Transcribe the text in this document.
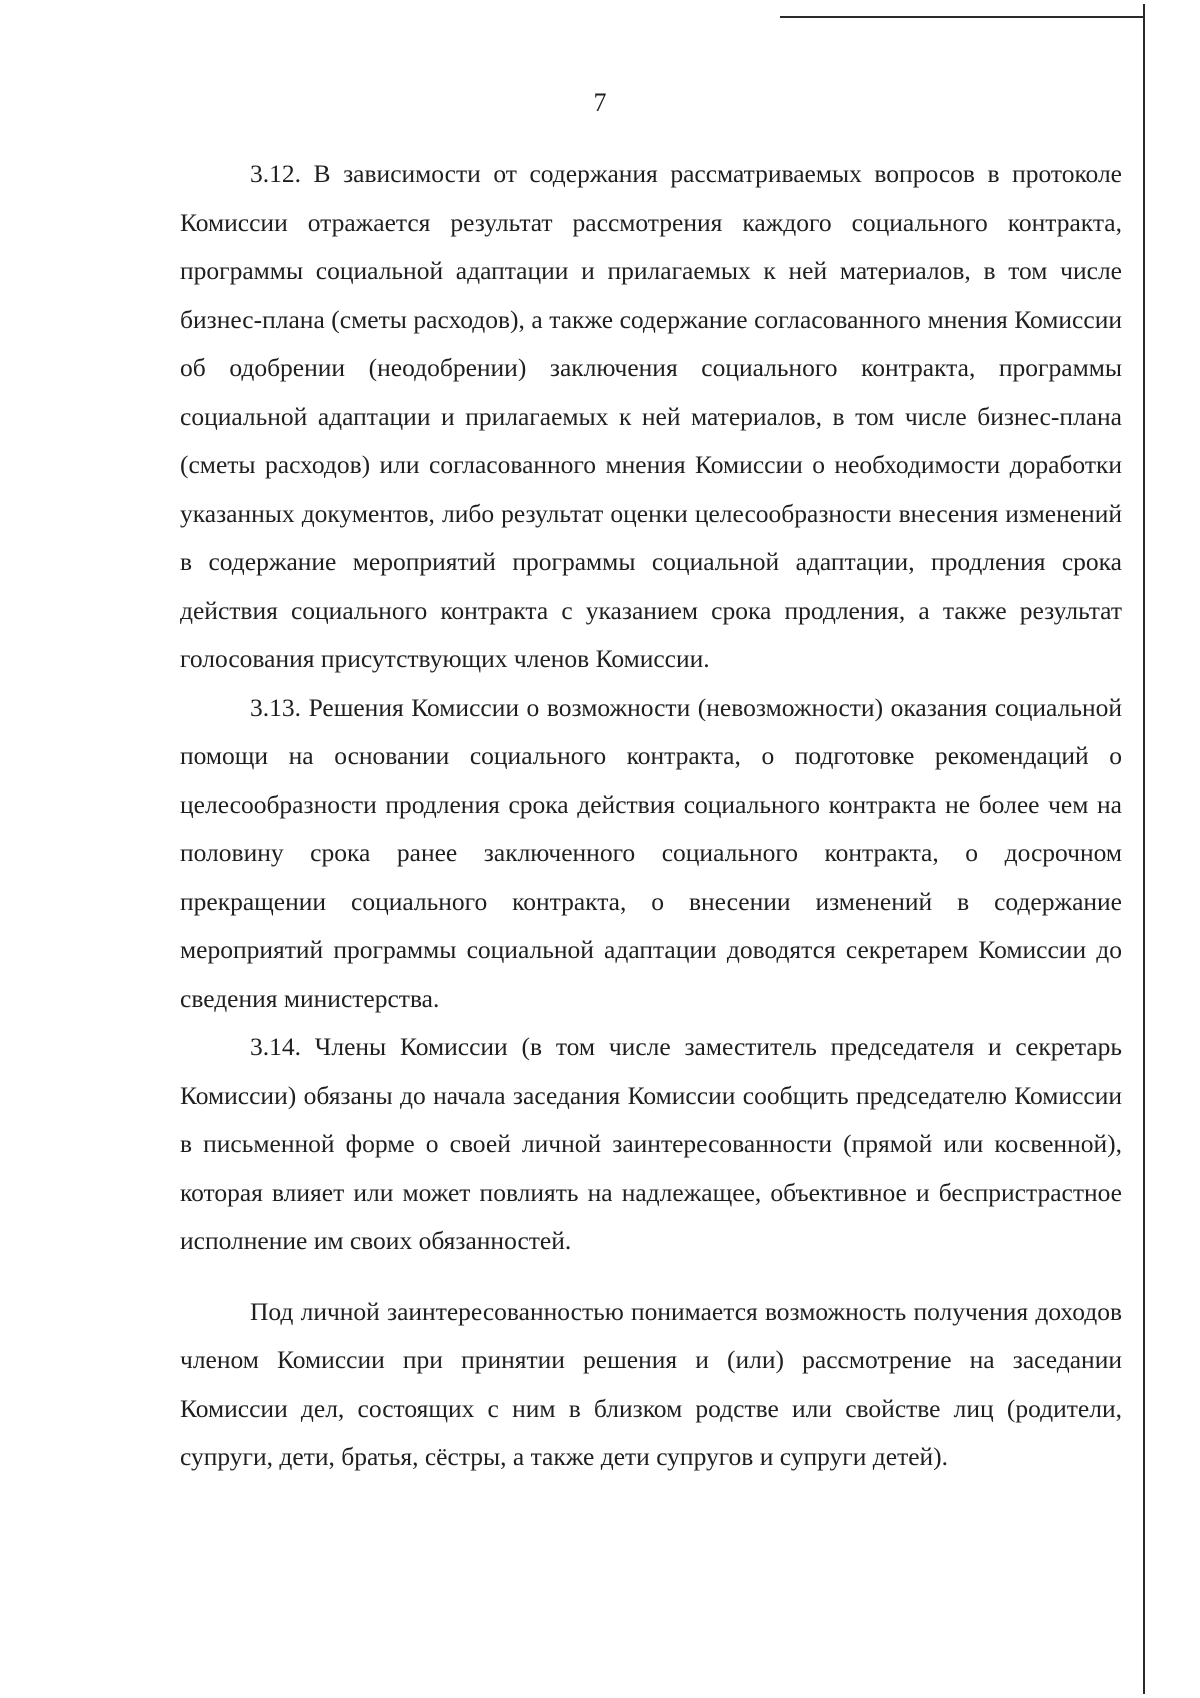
7

3.12. В зависимости от содержания рассматриваемых вопросов в протоколе Комиссии отражается результат рассмотрения каждого социального контракта, программы социальной адаптации и прилагаемых к ней материалов, в том числе бизнес-плана (сметы расходов), а также содержание согласованного мнения Комиссии об одобрении (неодобрении) заключения социального контракта, программы социальной адаптации и прилагаемых к ней материалов, в том числе бизнес-плана (сметы расходов) или согласованного мнения Комиссии о необходимости доработки указанных документов, либо результат оценки целесообразности внесения изменений в содержание мероприятий программы социальной адаптации, продления срока действия социального контракта с указанием срока продления, а также результат голосования присутствующих членов Комиссии.

3.13. Решения Комиссии о возможности (невозможности) оказания социальной помощи на основании социального контракта, о подготовке рекомендаций о целесообразности продления срока действия социального контракта не более чем на половину срока ранее заключенного социального контракта, о досрочном прекращении социального контракта, о внесении изменений в содержание мероприятий программы социальной адаптации доводятся секретарем Комиссии до сведения министерства.

3.14. Члены Комиссии (в том числе заместитель председателя и секретарь Комиссии) обязаны до начала заседания Комиссии сообщить председателю Комиссии в письменной форме о своей личной заинтересованности (прямой или косвенной), которая влияет или может повлиять на надлежащее, объективное и беспристрастное исполнение им своих обязанностей.

Под личной заинтересованностью понимается возможность получения доходов членом Комиссии при принятии решения и (или) рассмотрение на заседании Комиссии дел, состоящих с ним в близком родстве или свойстве лиц (родители, супруги, дети, братья, сёстры, а также дети супругов и супруги детей).
